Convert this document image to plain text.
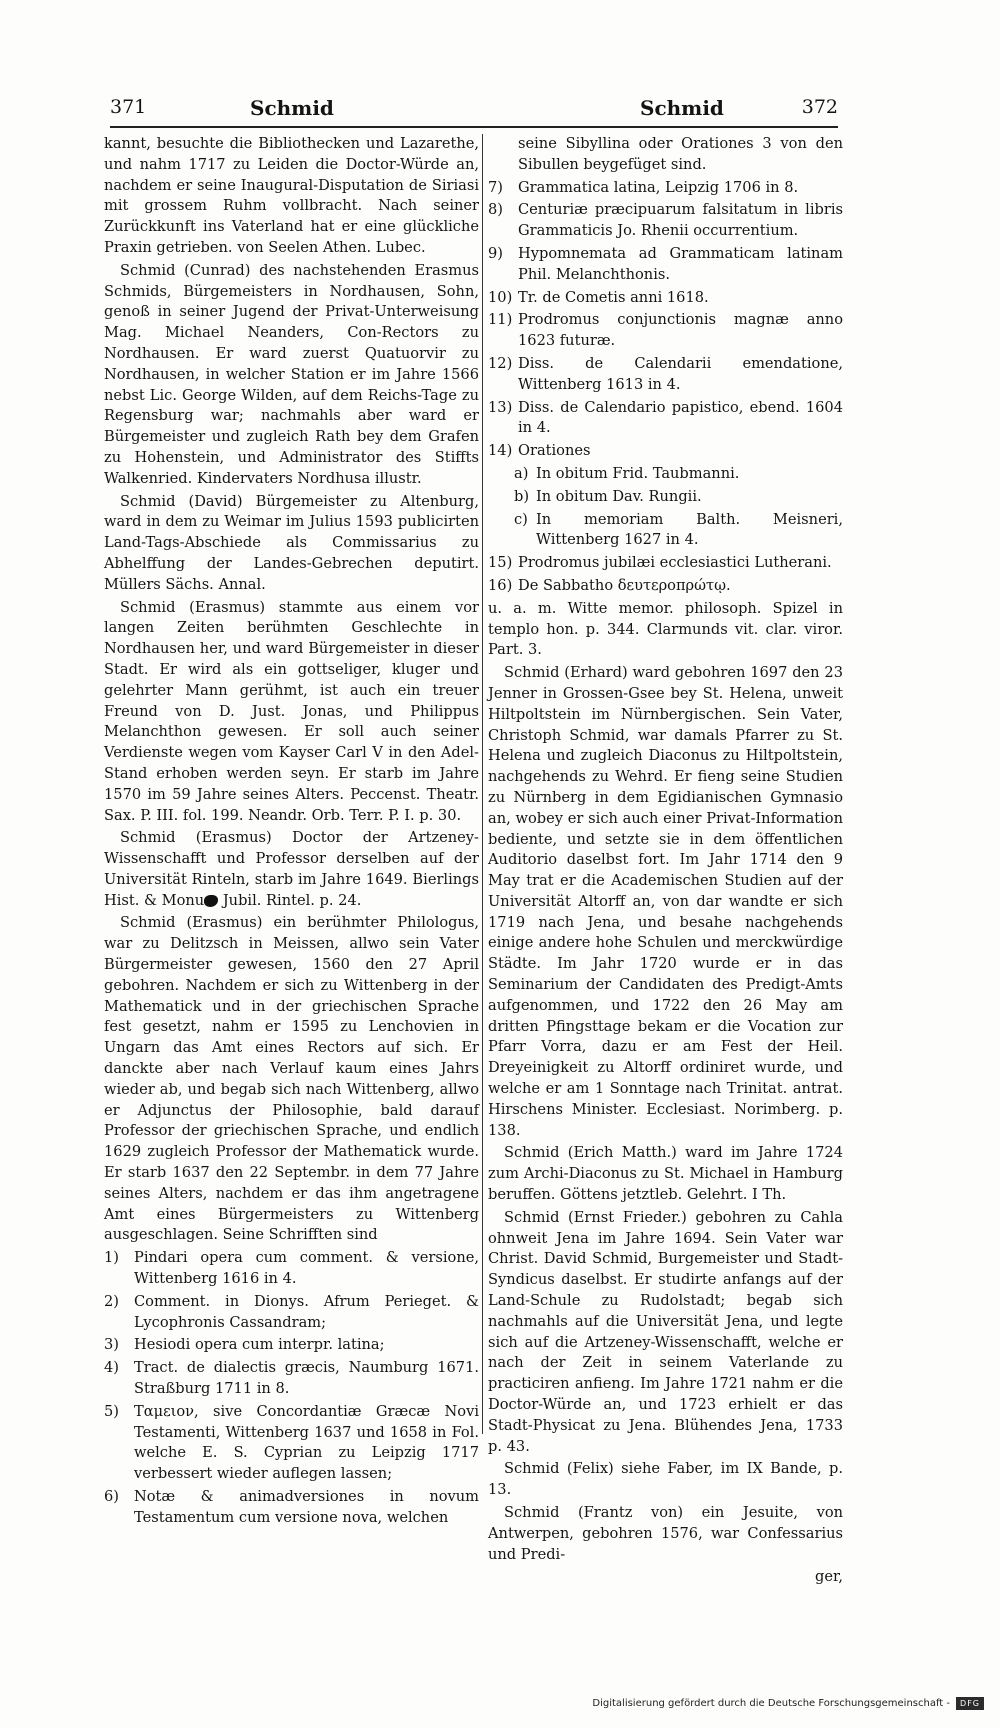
371	Schmid	Schmid	372

kannt, besuchte die Bibliothecken und Lazarethe, und nahm 1717 zu Leiden die Doctor-Würde an, nachdem er seine Inaugural-Disputation de Siriasi mit grossem Ruhm vollbracht. Nach seiner Zurückkunft ins Vaterland hat er eine glückliche Praxin getrieben. von Seelen Athen. Lubec.

Schmid (Cunrad) des nachstehenden Erasmus Schmids, Bürgemeisters in Nordhausen, Sohn, genoß in seiner Jugend der Privat-Unterweisung Mag. Michael Neanders, Con-Rectors zu Nordhausen. Er ward zuerst Quatuorvir zu Nordhausen, in welcher Station er im Jahre 1566 nebst Lic. George Wilden, auf dem Reichs-Tage zu Regensburg war; nachmahls aber ward er Bürgemeister und zugleich Rath bey dem Grafen zu Hohenstein, und Administrator des Stiffts Walkenried. Kindervaters Nordhusa illustr.

Schmid (David) Bürgemeister zu Altenburg, ward in dem zu Weimar im Julius 1593 publicirten Land-Tags-Abschiede als Commissarius zu Abhelffung der Landes-Gebrechen deputirt. Müllers Sächs. Annal.

Schmid (Erasmus) stammte aus einem vor langen Zeiten berühmten Geschlechte in Nordhausen her, und ward Bürgemeister in dieser Stadt. Er wird als ein gottseliger, kluger und gelehrter Mann gerühmt, ist auch ein treuer Freund von D. Just. Jonas, und Philippus Melanchthon gewesen. Er soll auch seiner Verdienste wegen vom Kayser Carl V in den Adel-Stand erhoben werden seyn. Er starb im Jahre 1570 im 59 Jahre seines Alters. Peccenst. Theatr. Sax. P. III. fol. 199. Neandr. Orb. Terr. P. I. p. 30.

Schmid (Erasmus) Doctor der Artzeney-Wissenschafft und Professor derselben auf der Universität Rinteln, starb im Jahre 1649. Bierlings Hist. & Monu Jubil. Rintel. p. 24.

Schmid (Erasmus) ein berühmter Philologus, war zu Delitzsch in Meissen, allwo sein Vater Bürgermeister gewesen, 1560 den 27 April gebohren. Nachdem er sich zu Wittenberg in der Mathematick und in der griechischen Sprache fest gesetzt, nahm er 1595 zu Lenchovien in Ungarn das Amt eines Rectors auf sich. Er danckte aber nach Verlauf kaum eines Jahrs wieder ab, und begab sich nach Wittenberg, allwo er Adjunctus der Philosophie, bald darauf Professor der griechischen Sprache, und endlich 1629 zugleich Professor der Mathematick wurde. Er starb 1637 den 22 Septembr. in dem 77 Jahre seines Alters, nachdem er das ihm angetragene Amt eines Bürgermeisters zu Wittenberg ausgeschlagen. Seine Schrifften sind

1)	Pindari opera cum comment. & versione, Wittenberg 1616 in 4.
2)	Comment. in Dionys. Afrum Perieget. & Lycophronis Cassandram;
3)	Hesiodi opera cum interpr. latina;
4)	Tract. de dialectis græcis, Naumburg 1671. Straßburg 1711 in 8.
5)	Ταμειον, sive Concordantiæ Græcæ Novi Testamenti, Wittenberg 1637 und 1658 in Fol. welche E. S. Cyprian zu Leipzig 1717 verbessert wieder auflegen lassen;
6)	Notæ & animadversiones in novum Testamentum cum versione nova, welchen
seine Sibyllina oder Orationes 3 von den Sibullen beygefüget sind.
7)	Grammatica latina, Leipzig 1706 in 8.
8)	Centuriæ præcipuarum falsitatum in libris Grammaticis Jo. Rhenii occurrentium.
9)	Hypomnemata ad Grammaticam latinam Phil. Melanchthonis.
10) Tr. de Cometis anni 1618.
11) Prodromus conjunctionis magnæ anno 1623 futuræ.
12) Diss. de Calendarii emendatione, Wittenberg 1613 in 4.
13) Diss. de Calendario papistico, ebend. 1604 in 4.
14) Orationes
a) In obitum Frid. Taubmanni.
b) In obitum Dav. Rungii.
c) In memoriam Balth. Meisneri, Wittenberg 1627 in 4.
15) Prodromus jubilæi ecclesiastici Lutherani.
16) De Sabbatho δευτεροπρώτῳ.

u. a. m. Witte memor. philosoph. Spizel in templo hon. p. 344. Clarmunds vit. clar. viror. Part. 3.

Schmid (Erhard) ward gebohren 1697 den 23 Jenner in Grossen-Gsee bey St. Helena, unweit Hiltpoltstein im Nürnbergischen. Sein Vater, Christoph Schmid, war damals Pfarrer zu St. Helena und zugleich Diaconus zu Hiltpoltstein, nachgehends zu Wehrd. Er fieng seine Studien zu Nürnberg in dem Egidianischen Gymnasio an, wobey er sich auch einer Privat-Information bediente, und setzte sie in dem öffentlichen Auditorio daselbst fort. Im Jahr 1714 den 9 May trat er die Academischen Studien auf der Universität Altorff an, von dar wandte er sich 1719 nach Jena, und besahe nachgehends einige andere hohe Schulen und merckwürdige Städte. Im Jahr 1720 wurde er in das Seminarium der Candidaten des Predigt-Amts aufgenommen, und 1722 den 26 May am dritten Pfingsttage bekam er die Vocation zur Pfarr Vorra, dazu er am Fest der Heil. Dreyeinigkeit zu Altorff ordiniret wurde, und welche er am 1 Sonntage nach Trinitat. antrat. Hirschens Minister. Ecclesiast. Norimberg. p. 138.

Schmid (Erich Matth.) ward im Jahre 1724 zum Archi-Diaconus zu St. Michael in Hamburg beruffen. Göttens jetztleb. Gelehrt. I Th.

Schmid (Ernst Frieder.) gebohren zu Cahla ohnweit Jena im Jahre 1694. Sein Vater war Christ. David Schmid, Burgemeister und Stadt-Syndicus daselbst. Er studirte anfangs auf der Land-Schule zu Rudolstadt; begab sich nachmahls auf die Universität Jena, und legte sich auf die Artzeney-Wissenschafft, welche er nach der Zeit in seinem Vaterlande zu practiciren anfieng. Im Jahre 1721 nahm er die Doctor-Würde an, und 1723 erhielt er das Stadt-Physicat zu Jena. Blühendes Jena, 1733 p. 43.

Schmid (Felix) siehe Faber, im IX Bande, p. 13.

Schmid (Frantz von) ein Jesuite, von Antwerpen, gebohren 1576, war Confessarius und Predi-

ger,

Digitalisierung gefördert durch die Deutsche Forschungsgemeinschaft -	DFG
